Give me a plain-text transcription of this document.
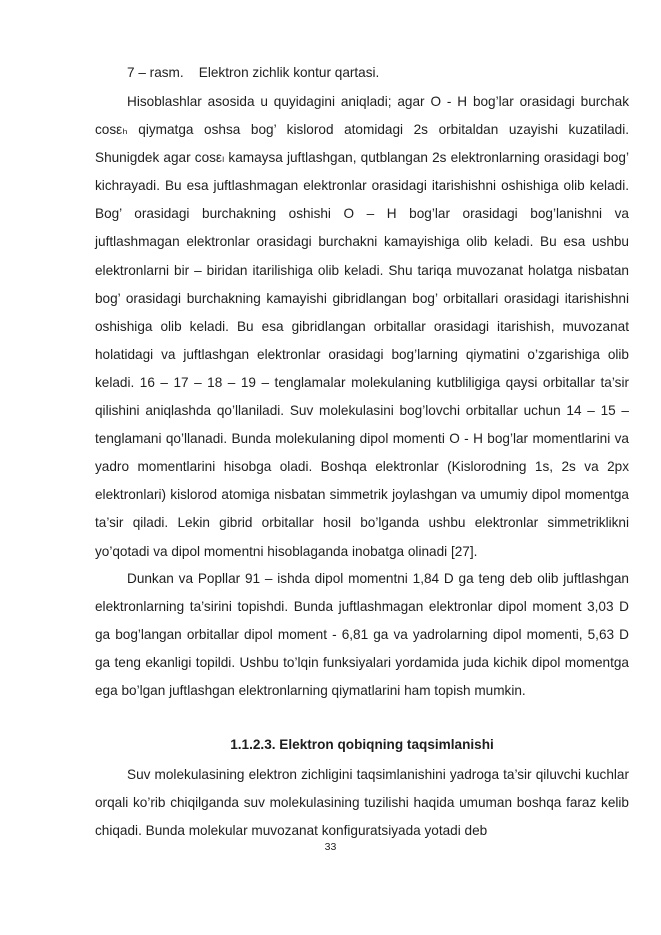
7 – rasm.    Elektron zichlik kontur qartasi.

Hisoblashlar asosida u quyidagini aniqladi; agar O - H bog’lar orasidagi burchak cosεₕ qiymatga oshsa bog’ kislorod atomidagi 2s orbitaldan uzayishi kuzatiladi. Shunigdek agar cosεₗ kamaysa juftlashgan, qutblangan 2s elektronlarning orasidagi bog’ kichrayadi. Bu esa juftlashmagan elektronlar orasidagi itarishishni oshishiga olib keladi. Bog’ orasidagi burchakning oshishi O – H bog’lar orasidagi bog’lanishni va juftlashmagan elektronlar orasidagi burchakni kamayishiga olib keladi. Bu esa ushbu elektronlarni bir – biridan itarilishiga olib keladi. Shu tariqa muvozanat holatga nisbatan bog’ orasidagi burchakning kamayishi gibridlangan bog’ orbitallari orasidagi itarishishni oshishiga olib keladi. Bu esa gibridlangan orbitallar orasidagi itarishish, muvozanat holatidagi va juftlashgan elektronlar orasidagi bog’larning qiymatini o’zgarishiga olib keladi. 16 – 17 – 18 – 19 – tenglamalar molekulaning kutbliligiga qaysi orbitallar ta’sir qilishini aniqlashda qo’llaniladi. Suv molekulasini bog’lovchi orbitallar uchun 14 – 15 – tenglamani qo’llanadi. Bunda molekulaning dipol momenti O - H bog’lar momentlarini va yadro momentlarini hisobga oladi. Boshqa elektronlar (Kislorodning 1s, 2s va 2px elektronlari) kislorod atomiga nisbatan simmetrik joylashgan va umumiy dipol momentga ta’sir qiladi. Lekin gibrid orbitallar hosil bo’lganda ushbu elektronlar simmetriklikni yo’qotadi va dipol momentni hisoblaganda inobatga olinadi [27].

Dunkan va Popllar 91 – ishda dipol momentni 1,84 D ga teng deb olib juftlashgan elektronlarning ta’sirini topishdi. Bunda juftlashmagan elektronlar dipol moment 3,03 D ga bog’langan orbitallar dipol moment - 6,81 ga va yadrolarning dipol momenti, 5,63 D ga teng ekanligi topildi. Ushbu to’lqin funksiyalari yordamida juda kichik dipol momentga ega bo’lgan juftlashgan elektronlarning qiymatlarini ham topish mumkin.

1.1.2.3. Elektron qobiqning taqsimlanishi

Suv molekulasining elektron zichligini taqsimlanishini yadroga ta’sir qiluvchi kuchlar orqali ko’rib chiqilganda suv molekulasining tuzilishi haqida umuman boshqa faraz kelib chiqadi. Bunda molekular muvozanat konfiguratsiyada yotadi deb

33
